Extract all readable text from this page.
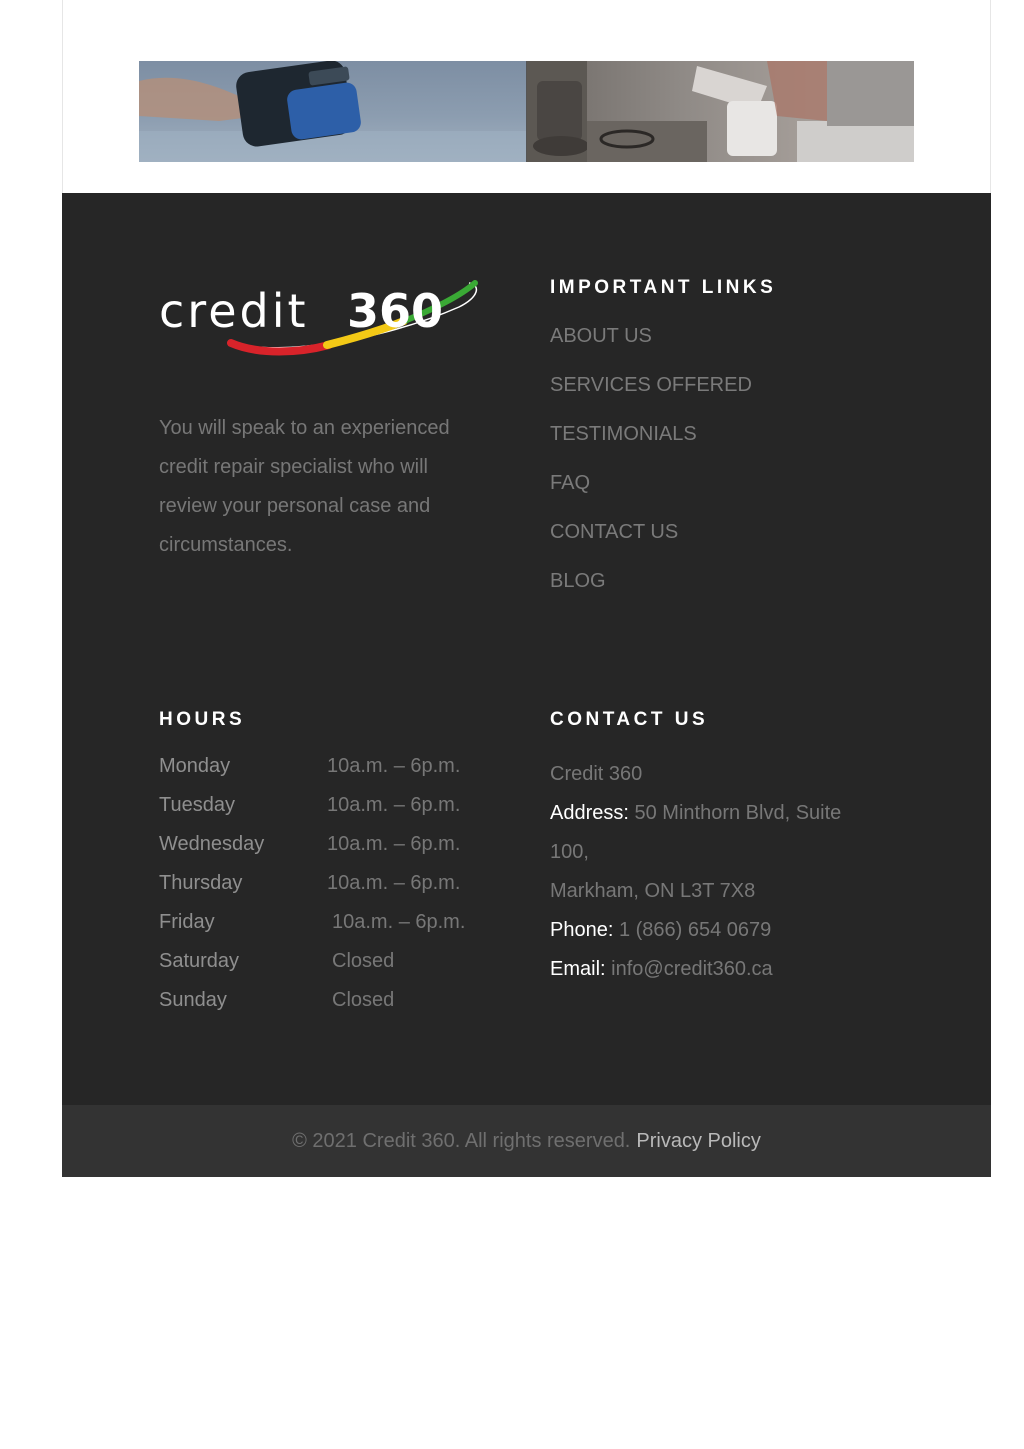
credit 360

You will speak to an experienced credit repair specialist who will review your personal case and circumstances.

IMPORTANT LINKS
ABOUT US
SERVICES OFFERED
TESTIMONIALS
FAQ
CONTACT US
BLOG
HOURS
Monday	10a.m. – 6p.m.
Tuesday	10a.m. – 6p.m.
Wednesday	10a.m. – 6p.m.
Thursday	10a.m. – 6p.m.
Friday	10a.m. – 6p.m.
Saturday	Closed
Sunday	Closed
CONTACT US

Credit 360

Address: 50 Minthorn Blvd, Suite

100,

Markham, ON L3T 7X8

Phone: 1 (866) 654 0679

Email: info@credit360.ca

© 2021 Credit 360. All rights reserved. Privacy Policy
